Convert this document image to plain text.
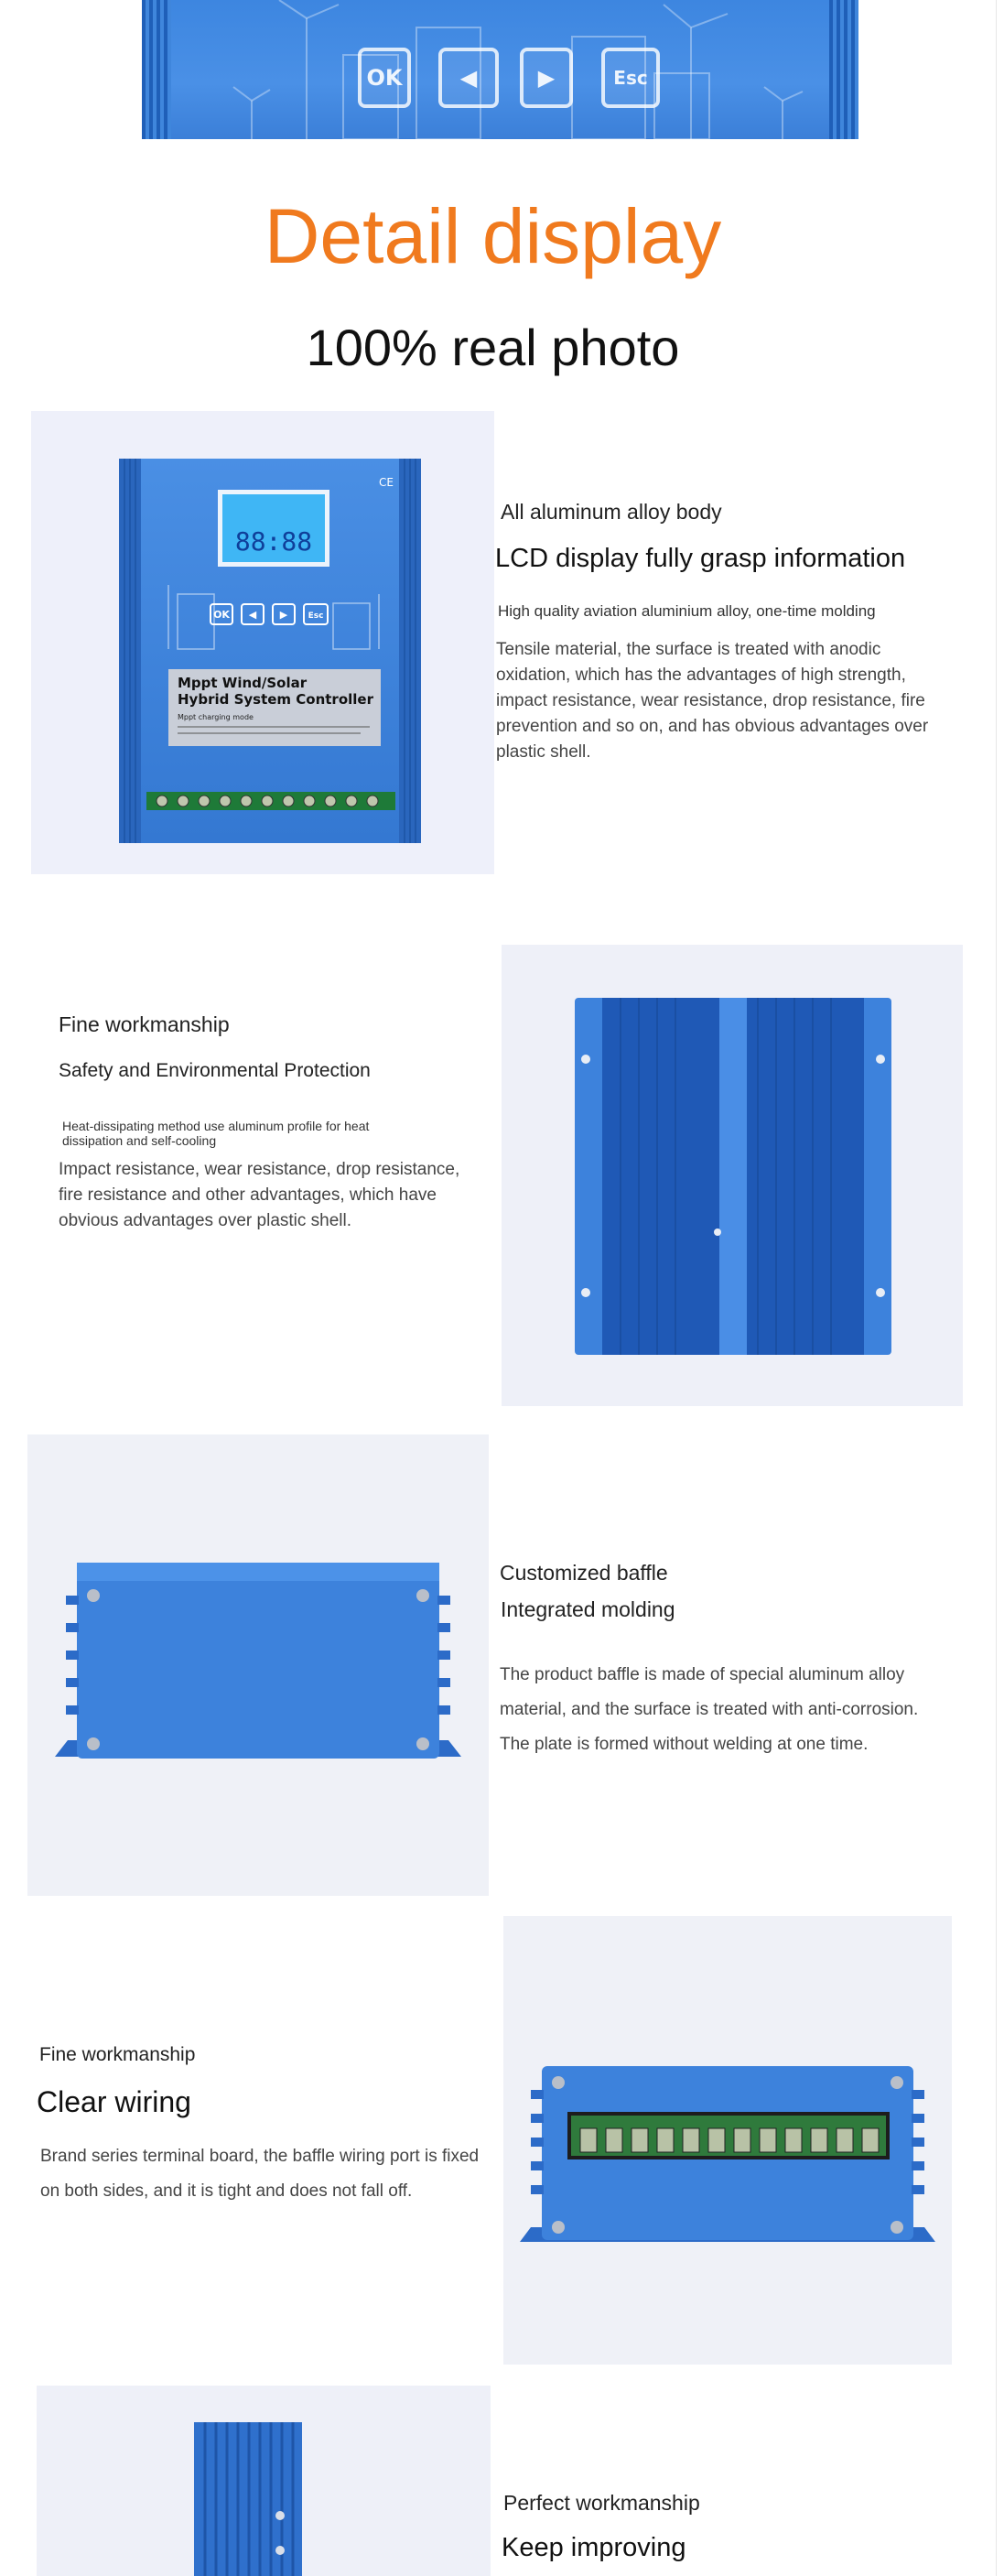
OK	◀	▶	Esc
Detail display
100% real photo
88:88
OK ◀ ▶ Esc
CE
Mppt Wind/Solar
Hybrid System Controller
Mppt charging mode
All aluminum alloy body
LCD display fully grasp information
High quality aviation aluminium alloy, one-time molding
Tensile material, the surface is treated with anodic oxidation, which has the advantages of high strength, impact resistance, wear resistance, drop resistance, fire prevention and so on, and has obvious advantages over plastic shell.
Fine workmanship
Safety and Environmental Protection
Heat-dissipating method use aluminum profile for heat dissipation and self-cooling
Impact resistance, wear resistance, drop resistance, fire resistance and other advantages, which have obvious advantages over plastic shell.
Customized baffle
Integrated molding
The product baffle is made of special aluminum alloy material, and the surface is treated with anti-corrosion. The plate is formed without welding at one time.
Fine workmanship
Clear wiring
Brand series terminal board, the baffle wiring port is fixed on both sides, and it is tight and does not fall off.
Perfect workmanship
Keep improving
